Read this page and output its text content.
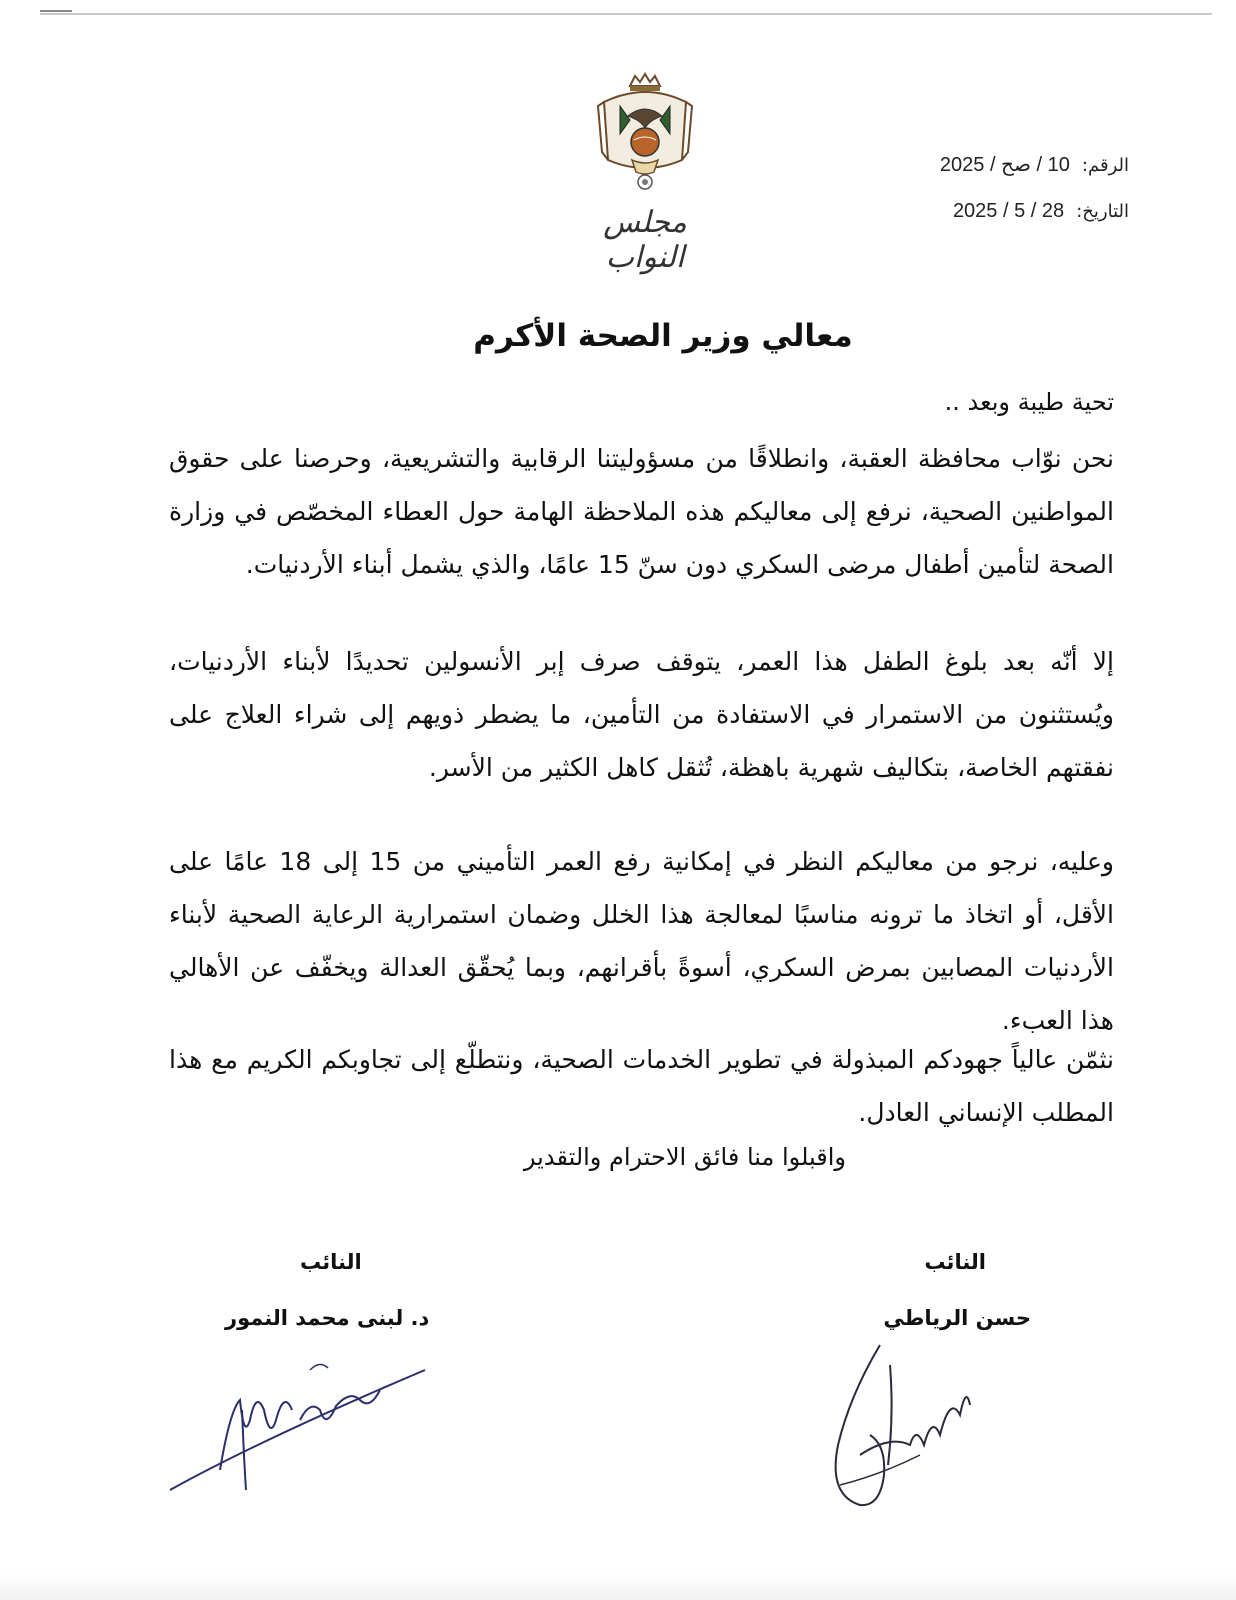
مجلس النواب
الرقم: 10 / صح / 2025
التاريخ: 28 / 5 / 2025
معالي وزير الصحة الأكرم
تحية طيبة وبعد ..
نحن نوّاب محافظة العقبة، وانطلاقًا من مسؤوليتنا الرقابية والتشريعية، وحرصنا على حقوق المواطنين الصحية، نرفع إلى معاليكم هذه الملاحظة الهامة حول العطاء المخصّص في وزارة الصحة لتأمين أطفال مرضى السكري دون سنّ 15 عامًا، والذي يشمل أبناء الأردنيات.
إلا أنّه بعد بلوغ الطفل هذا العمر، يتوقف صرف إبر الأنسولين تحديدًا لأبناء الأردنيات، ويُستثنون من الاستمرار في الاستفادة من التأمين، ما يضطر ذويهم إلى شراء العلاج على نفقتهم الخاصة، بتكاليف شهرية باهظة، تُثقل كاهل الكثير من الأسر.
وعليه، نرجو من معاليكم النظر في إمكانية رفع العمر التأميني من 15 إلى 18 عامًا على الأقل، أو اتخاذ ما ترونه مناسبًا لمعالجة هذا الخلل وضمان استمرارية الرعاية الصحية لأبناء الأردنيات المصابين بمرض السكري، أسوةً بأقرانهم، وبما يُحقّق العدالة ويخفّف عن الأهالي هذا العبء.
نثمّن عالياً جهودكم المبذولة في تطوير الخدمات الصحية، ونتطلّع إلى تجاوبكم الكريم مع هذا المطلب الإنساني العادل.
واقبلوا منا فائق الاحترام والتقدير
النائب
حسن الرياطي
النائب
د. لبنى محمد النمور
